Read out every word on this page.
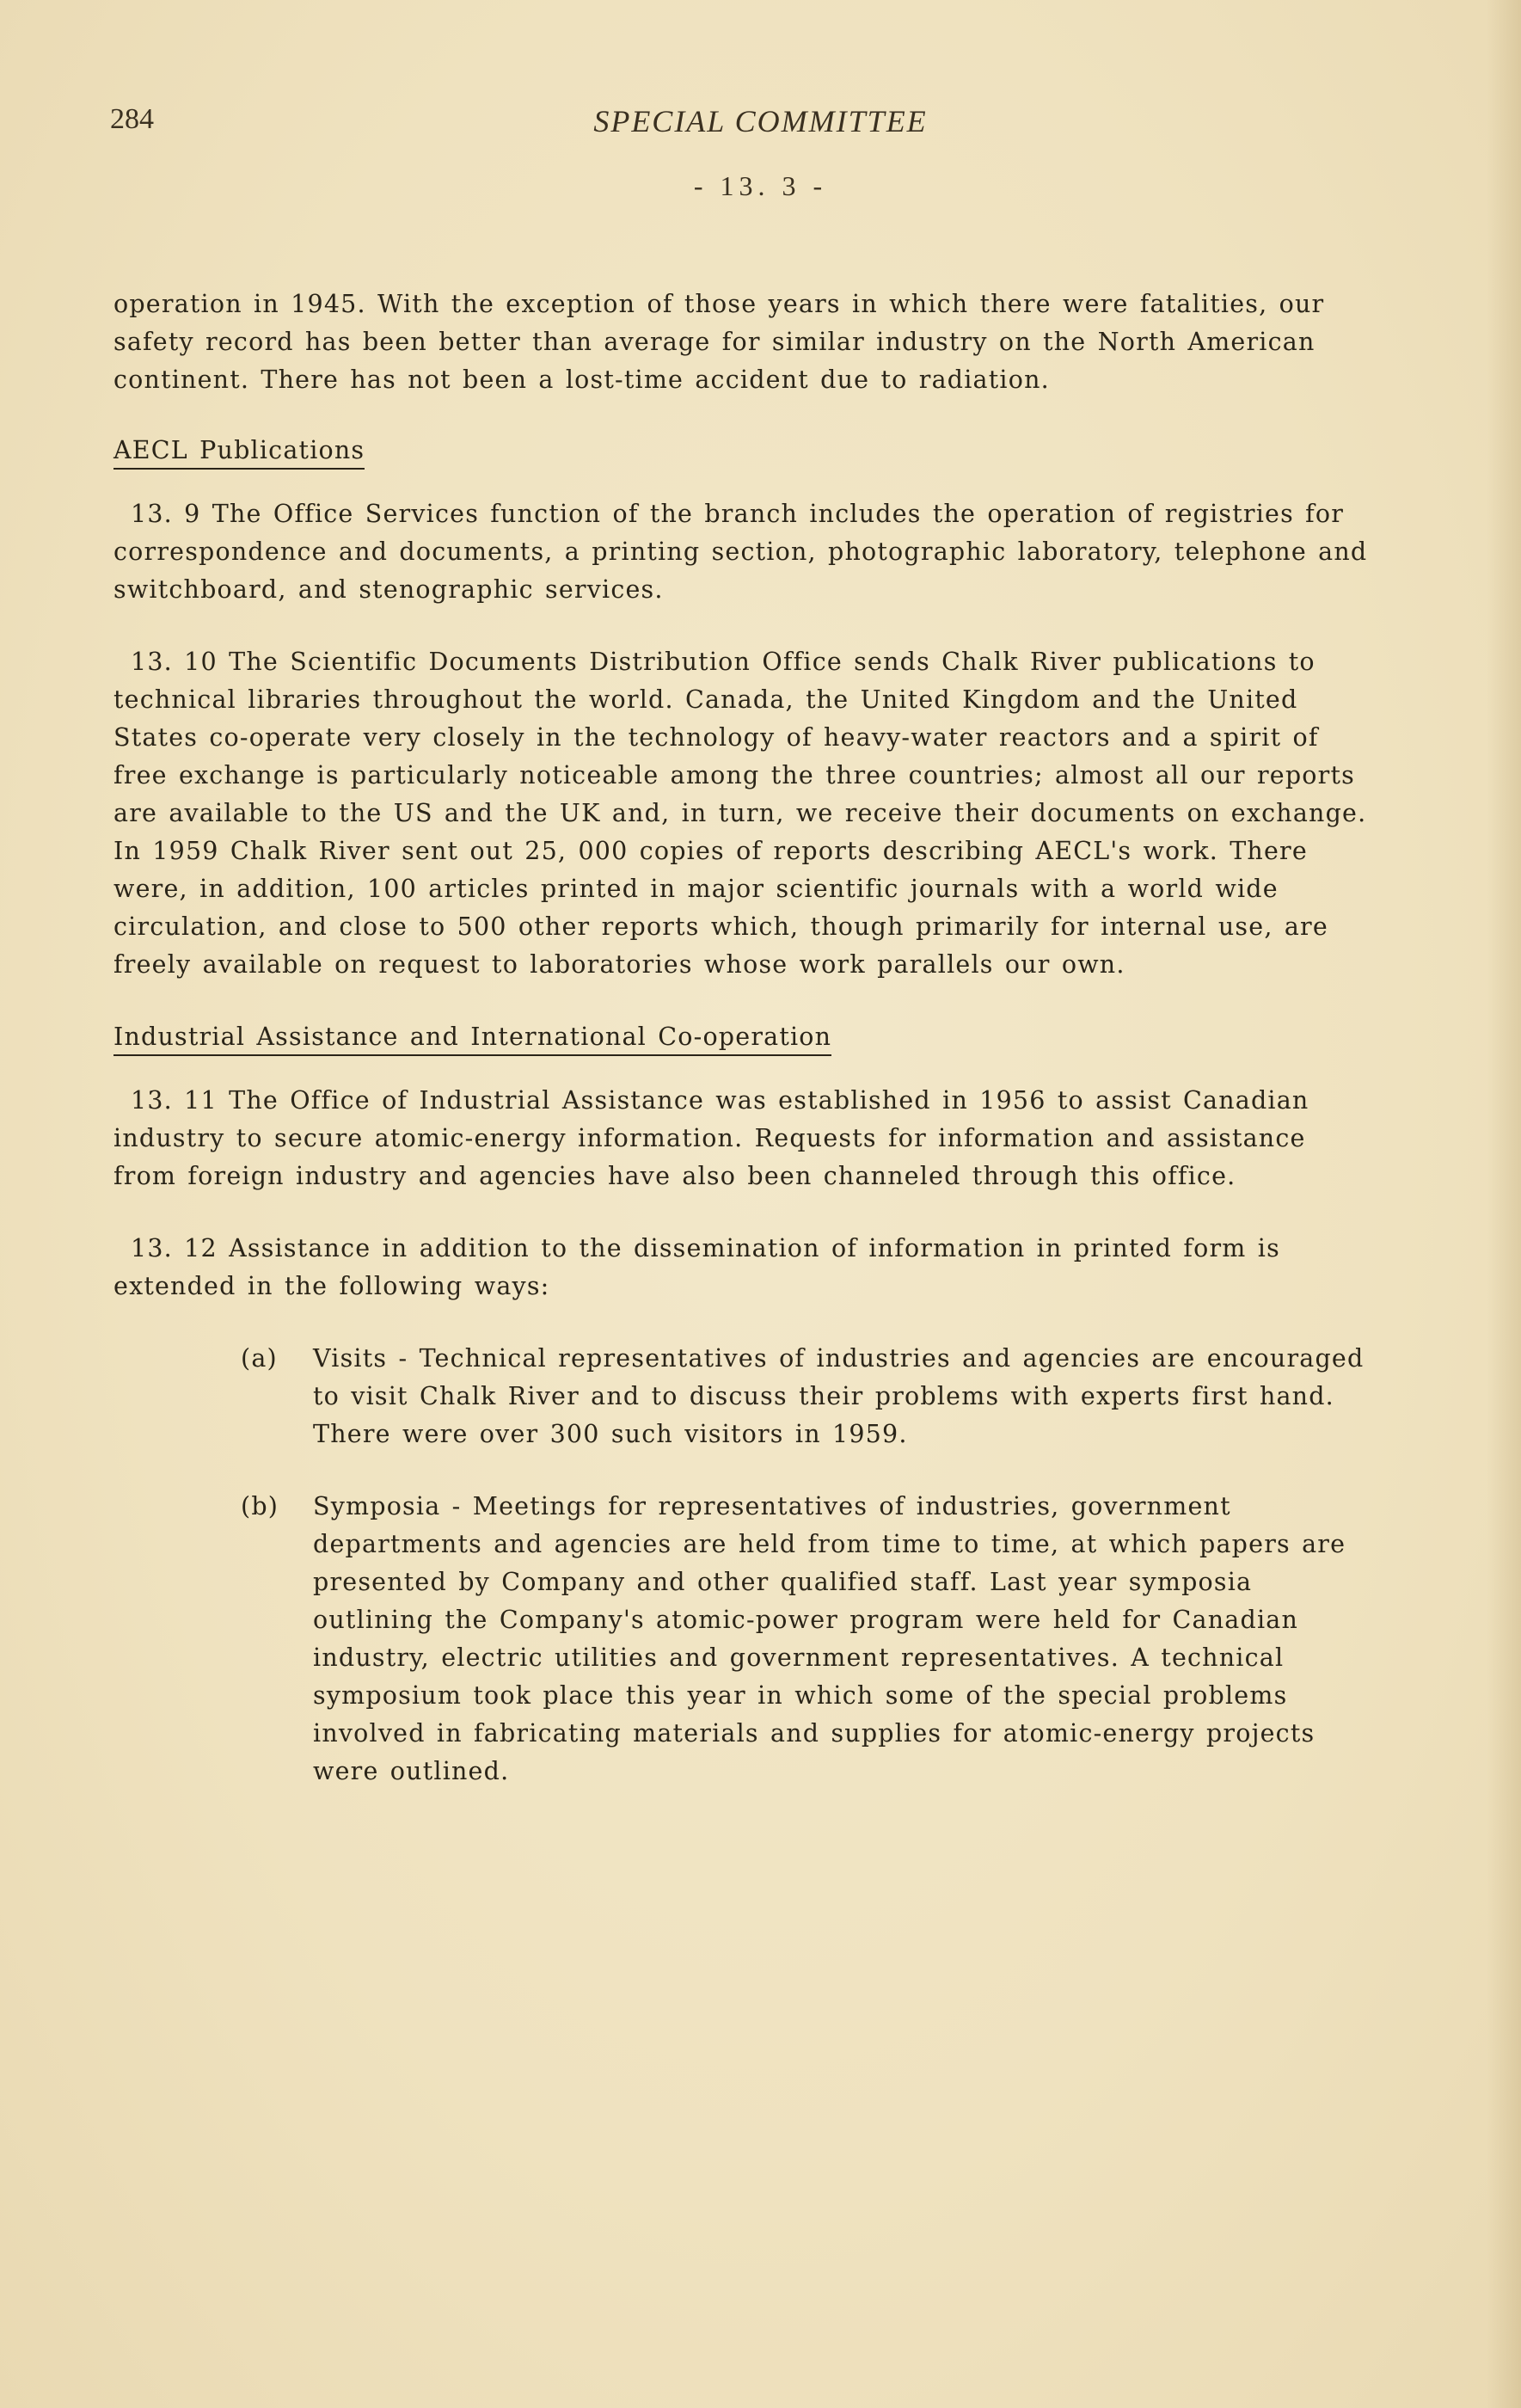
284	SPECIAL COMMITTEE
- 13. 3 -

operation in 1945. With the exception of those years in which there were fatalities, our safety record has been better than average for similar industry on the North American continent. There has not been a lost-time accident due to radiation.

AECL Publications

13. 9 The Office Services function of the branch includes the operation of registries for correspondence and documents, a printing section, photographic laboratory, telephone and switchboard, and stenographic services.

13. 10 The Scientific Documents Distribution Office sends Chalk River publications to technical libraries throughout the world. Canada, the United Kingdom and the United States co-operate very closely in the technology of heavy-water reactors and a spirit of free exchange is particularly noticeable among the three countries; almost all our reports are available to the US and the UK and, in turn, we receive their documents on exchange. In 1959 Chalk River sent out 25, 000 copies of reports describing AECL's work. There were, in addition, 100 articles printed in major scientific journals with a world wide circulation, and close to 500 other reports which, though primarily for internal use, are freely available on request to laboratories whose work parallels our own.

Industrial Assistance and International Co-operation

13. 11 The Office of Industrial Assistance was established in 1956 to assist Canadian industry to secure atomic-energy information. Requests for information and assistance from foreign industry and agencies have also been channeled through this office.

13. 12 Assistance in addition to the dissemination of information in printed form is extended in the following ways:

(a)	Visits - Technical representatives of industries and agencies are encouraged to visit Chalk River and to discuss their problems with experts first hand. There were over 300 such visitors in 1959.
(b)	Symposia - Meetings for representatives of industries, government departments and agencies are held from time to time, at which papers are presented by Company and other qualified staff. Last year symposia outlining the Company's atomic-power program were held for Canadian industry, electric utilities and government representatives. A technical symposium took place this year in which some of the special problems involved in fabricating materials and supplies for atomic-energy projects were outlined.
